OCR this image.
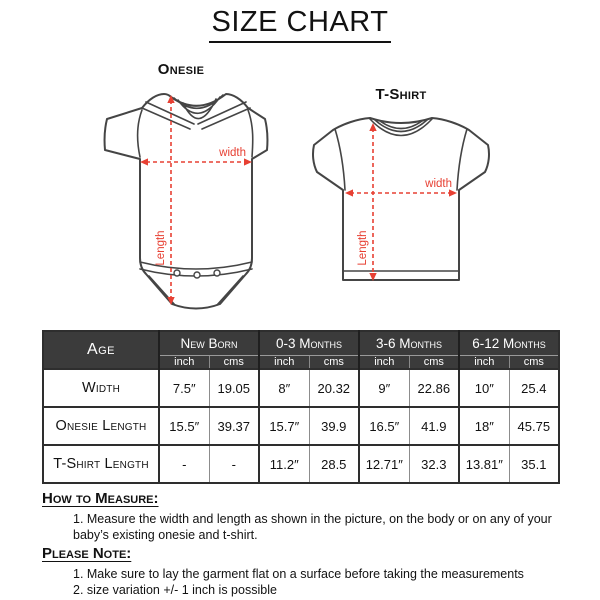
SIZE CHART
Onesie
width
Length
T-Shirt
width
Length
Age	New Born		0-3 Months		3-6 Months		6-12 Months	
	inch	cms	inch	cms	inch	cms	inch	cms
Width	7.5″	19.05	8″	20.32	9″	22.86	10″	25.4
Onesie Length	15.5″	39.37	15.7″	39.9	16.5″	41.9	18″	45.75
T-Shirt Length	-	-	11.2″	28.5	12.71″	32.3	13.81″	35.1
How to Measure:
1. Measure the width and length as shown in the picture, on the body or on any of your baby’s existing onesie and t-shirt.
Please Note:
1. Make sure to lay the garment flat on a surface before taking the measurements
2. size variation +/- 1 inch is possible
